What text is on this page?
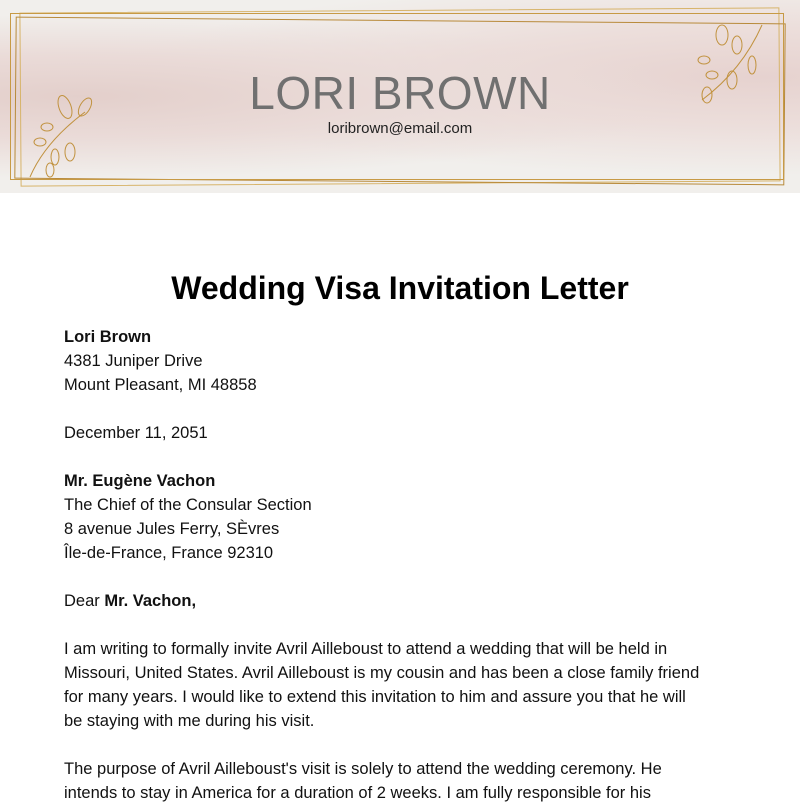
LORI BROWN
loribrown@email.com
Wedding Visa Invitation Letter
Lori Brown
4381 Juniper Drive
Mount Pleasant, MI 48858
December 11, 2051
Mr. Eugène Vachon
The Chief of the Consular Section
8 avenue Jules Ferry, SÈvres
Île-de-France, France 92310
Dear Mr. Vachon,
I am writing to formally invite Avril Ailleboust to attend a wedding that will be held in
Missouri, United States. Avril Ailleboust is my cousin and has been a close family friend
for many years. I would like to extend this invitation to him and assure you that he will
be staying with me during his visit.
The purpose of Avril Ailleboust's visit is solely to attend the wedding ceremony. He
intends to stay in America for a duration of 2 weeks. I am fully responsible for his
